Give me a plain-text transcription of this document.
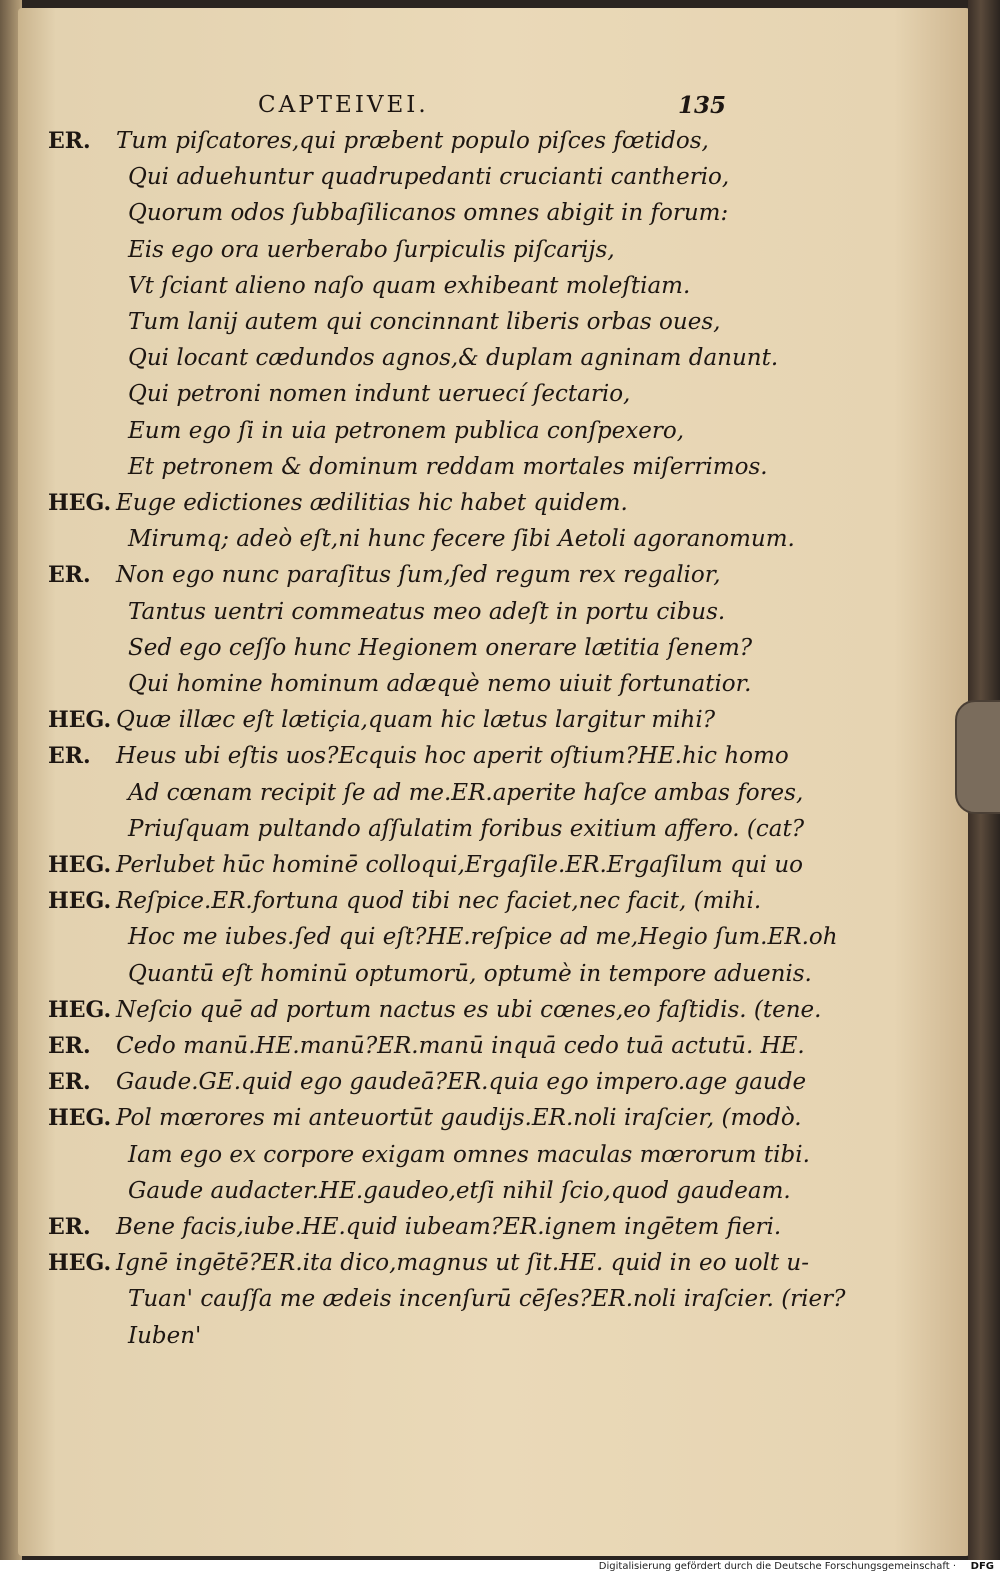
CAPTEIVEI.	135
ER. Tum piſcatores,qui præbent populo piſces fœtidos,
Qui aduehuntur quadrupedanti crucianti cantherio,
Quorum odos ſubbaſilicanos omnes abigit in forum:
Eis ego ora uerberabo ſurpiculis piſcarijs,
Vt ſciant alieno naſo quam exhibeant moleſtiam.
Tum lanij autem qui concinnant liberis orbas oues,
Qui locant cædundos agnos,& duplam agninam danunt.
Qui petroni nomen indunt ueruecí ſectario,
Eum ego ſi in uia petronem publica conſpexero,
Et petronem & dominum reddam mortales miſerrimos.
HEG. Euge edictiones ædilitias hic habet quidem.
Mirumq; adeò eſt,ni hunc fecere ſibi Aetoli agoranomum.
ER. Non ego nunc paraſitus ſum,ſed regum rex regalior,
Tantus uentri commeatus meo adeſt in portu cibus.
Sed ego ceſſo hunc Hegionem onerare lætitia ſenem?
Qui homine hominum adæquè nemo uiuit fortunatior.
HEG. Quæ illæc eſt lætiçia,quam hic lætus largitur mihi?
ER. Heus ubi eſtis uos?Ecquis hoc aperit oſtium?HE.hic homo
Ad cœnam recipit ſe ad me.ER.aperite haſce ambas fores,
Priuſquam pultando aſſulatim foribus exitium affero. (cat?
HEG. Perlubet hūc hominē colloqui,Ergaſile.ER.Ergaſilum qui uo
HEG. Reſpice.ER.fortuna quod tibi nec faciet,nec facit, (mihi.
Hoc me iubes.ſed qui eſt?HE.reſpice ad me,Hegio ſum.ER.oh
Quantū eſt hominū optumorū, optumè in tempore aduenis.
HEG. Neſcio quē ad portum nactus es ubi cœnes,eo faſtidis. (tene.
ER. Cedo manū.HE.manū?ER.manū inquā cedo tuā actutū. HE.
ER. Gaude.GE.quid ego gaudeā?ER.quia ego impero.age gaude
HEG. Pol mœrores mi anteuortūt gaudijs.ER.noli iraſcier, (modò.
Iam ego ex corpore exigam omnes maculas mœrorum tibi.
Gaude audacter.HE.gaudeo,etſi nihil ſcio,quod gaudeam.
ER. Bene facis,iube.HE.quid iubeam?ER.ignem ingētem fieri.
HEG. Ignē ingētē?ER.ita dico,magnus ut ſit.HE. quid in eo uolt u-
Tuan' cauſſa me ædeis incenſurū cēſes?ER.noli iraſcier. (rier?
Iuben'
Digitalisierung gefördert durch die Deutsche Forschungsgemeinschaft · DFG
